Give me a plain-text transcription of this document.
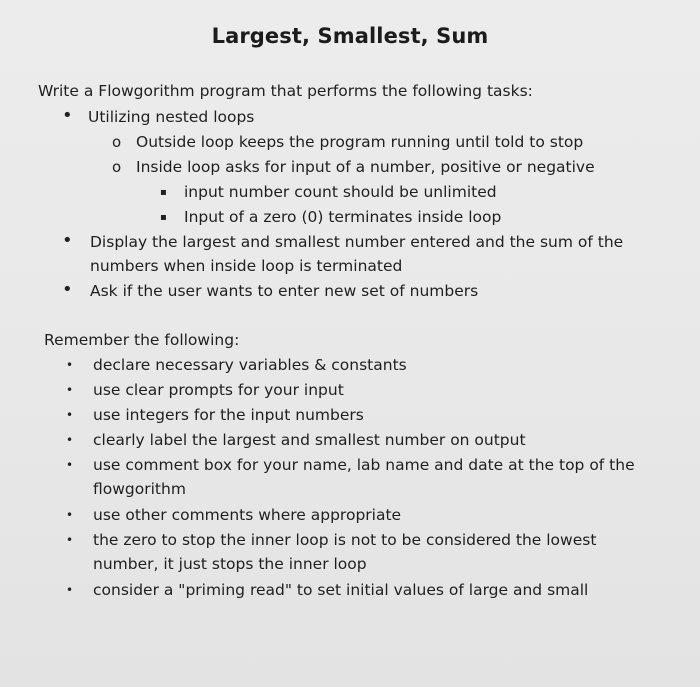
Largest, Smallest, Sum
Write a Flowgorithm program that performs the following tasks:
• Utilizing nested loops
o Outside loop keeps the program running until told to stop
o Inside loop asks for input of a number, positive or negative
▪ input number count should be unlimited
▪ Input of a zero (0) terminates inside loop
• Display the largest and smallest number entered and the sum of the
numbers when inside loop is terminated
• Ask if the user wants to enter new set of numbers
Remember the following:
• declare necessary variables & constants
• use clear prompts for your input
• use integers for the input numbers
• clearly label the largest and smallest number on output
• use comment box for your name, lab name and date at the top of the
flowgorithm
• use other comments where appropriate
• the zero to stop the inner loop is not to be considered the lowest
number, it just stops the inner loop
• consider a "priming read" to set initial values of large and small
